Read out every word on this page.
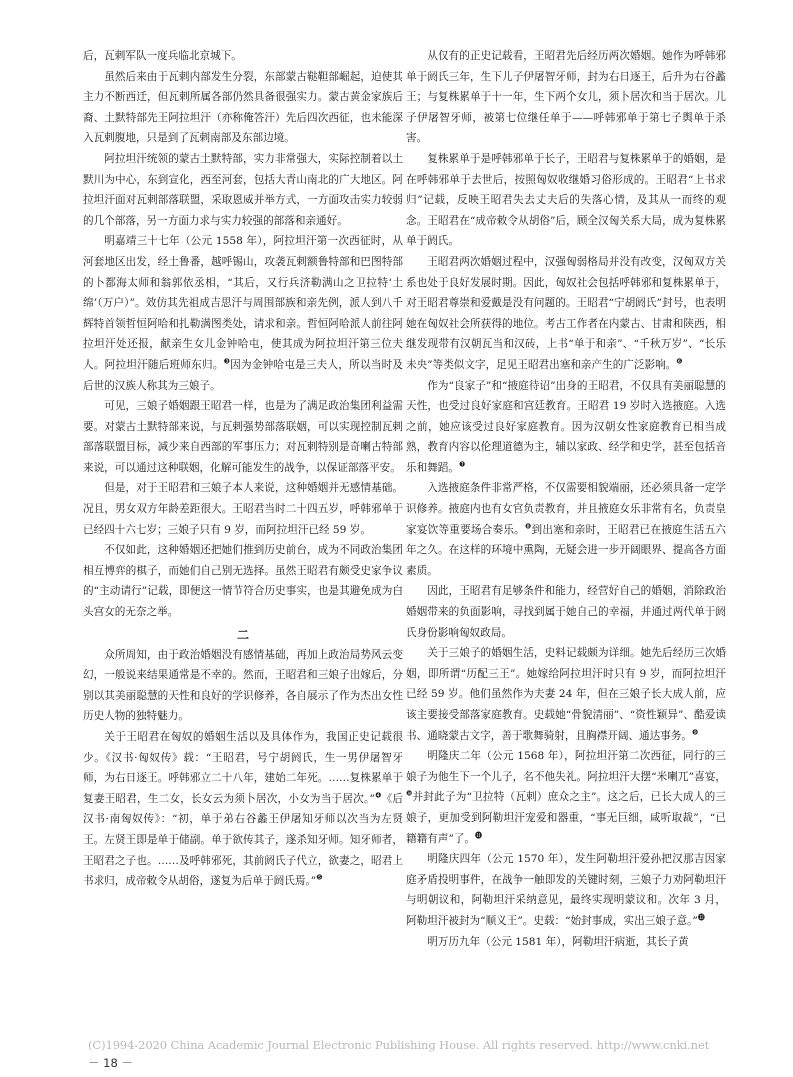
后，瓦剌军队一度兵临北京城下。

虽然后来由于瓦剌内部发生分裂，东部蒙古鞑靼部崛起，迫使其主力不断西迁，但瓦剌所属各部仍然具备很强实力。蒙古黄金家族后裔、土默特部先王阿拉坦汗（亦称俺答汗）先后四次西征，也未能深入瓦剌腹地，只是到了瓦剌南部及东部边境。

阿拉坦汗统领的蒙古土默特部，实力非常强大，实际控制着以土默川为中心，东到宣化，西至河套，包括大青山南北的广大地区。阿拉坦汗面对瓦剌部落联盟，采取恩威并举方式，一方面攻击实力较弱的几个部落，另一方面力求与实力较强的部落和亲通好。

明嘉靖三十七年（公元 1558 年），阿拉坦汗第一次西征时，从河套地区出发，经土鲁番，越呼锡山，攻袭瓦剌额鲁特部和巴图特部的卜都海太师和翁郭依丞相，“其后，又行兵济勒满山之卫拉特‘土绵’（万户）”。效仿其先祖成吉思汗与周围部族和亲先例，派人到八千辉特首领哲恒阿哈和扎勒满图类处，请求和亲。哲恒阿哈派人前往阿拉坦汗处还报，献亲生女儿金钟哈屯，使其成为阿拉坦汗第三位夫人。阿拉坦汗随后班师东归。$^❸$因为金钟哈屯是三夫人，所以当时及后世的汉族人称其为三娘子。

可见，三娘子婚姻跟王昭君一样，也是为了满足政治集团利益需要。对蒙古土默特部来说，与瓦剌强势部落联姻，可以实现控制瓦剌部落联盟目标，减少来自西部的军事压力；对瓦剌特别是奇喇古特部来说，可以通过这种联姻，化解可能发生的战争，以保证部落平安。

但是，对于王昭君和三娘子本人来说，这种婚姻并无感情基础。况且，男女双方年龄差距很大。王昭君当时二十四五岁，呼韩邪单于已经四十六七岁；三娘子只有 9 岁，而阿拉坦汗已经 59 岁。

不仅如此，这种婚姻还把她们推到历史前台，成为不同政治集团相互博弈的棋子，而她们自己别无选择。虽然王昭君有颇受史家争议的“主动请行”记载，即便这一情节符合历史事实，也是其避免成为白头宫女的无奈之举。

二

众所周知，由于政治婚姻没有感情基础，再加上政治局势风云变幻，一般说来结果通常是不幸的。然而，王昭君和三娘子出嫁后，分别以其美丽聪慧的天性和良好的学识修养，各自展示了作为杰出女性历史人物的独特魅力。

关于王昭君在匈奴的婚姻生活以及具体作为，我国正史记载很少。《汉书·匈奴传》载：“王昭君，号宁胡阏氏，生一男伊屠智牙师，为右日逐王。呼韩邪立二十八年，建始二年死。……复株累单于复妻王昭君，生二女，长女云为须卜居次，小女为当于居次。”$^❹$《后汉书·南匈奴传》：“初，单于弟右谷蠡王伊屠知牙师以次当为左贤王。左贤王即是单于储副。单于欲传其子，遂杀知牙师。知牙师者，王昭君之子也。……及呼韩邪死，其前阏氏子代立，欲妻之，昭君上书求归，成帝敕令从胡俗，遂复为后单于阏氏焉。”$^❺$

从仅有的正史记载看，王昭君先后经历两次婚姻。她作为呼韩邪单于阏氏三年，生下儿子伊屠智牙师，封为右日逐王，后升为右谷蠡王；与复株累单于十一年，生下两个女儿，须卜居次和当于居次。儿子伊屠智牙师，被第七位继任单于——呼韩邪单于第七子舆单于杀害。

复株累单于是呼韩邪单于长子，王昭君与复株累单于的婚姻，是在呼韩邪单于去世后，按照匈奴收继婚习俗形成的。王昭君“上书求归”记载，反映王昭君失去丈夫后的失落心情，及其从一而终的观念。王昭君在“成帝敕令从胡俗”后，顾全汉匈关系大局，成为复株累单于阏氏。

王昭君两次婚姻过程中，汉强匈弱格局并没有改变，汉匈双方关系也处于良好发展时期。因此，匈奴社会包括呼韩邪和复株累单于，对王昭君尊崇和爱戴是没有问题的。王昭君“宁胡阏氏”封号，也表明她在匈奴社会所获得的地位。考古工作者在内蒙古、甘肃和陕西，相继发现带有汉朝瓦当和汉砖，上书“单于和亲”、“千秋万岁”、“长乐未央”等类似文字，足见王昭君出塞和亲产生的广泛影响。$^❻$

作为“良家子”和“掖庭待诏”出身的王昭君，不仅具有美丽聪慧的天性，也受过良好家庭和宫廷教育。王昭君 19 岁时入选掖庭。入选之前，她应该受过良好家庭教育。因为汉朝女性家庭教育已相当成熟，教育内容以伦理道德为主，辅以家政、经学和史学，甚至包括音乐和舞蹈。$^❼$

入选掖庭条件非常严格，不仅需要相貌端丽，还必须具备一定学识修养。掖庭内也有女官负责教育，并且掖庭女乐非常有名，负责皇家宴饮等重要场合奏乐。$^❽$到出塞和亲时，王昭君已在掖庭生活五六年之久。在这样的环境中熏陶，无疑会进一步开阔眼界、提高各方面素质。

因此，王昭君有足够条件和能力，经营好自己的婚姻，消除政治婚姻带来的负面影响，寻找到属于她自己的幸福，并通过两代单于阏氏身份影响匈奴政局。

关于三娘子的婚姻生活，史料记载颇为详细。她先后经历三次婚姻，即所谓“历配三王”。她嫁给阿拉坦汗时只有 9 岁，而阿拉坦汗已经 59 岁。他们虽然作为夫妻 24 年，但在三娘子长大成人前，应该主要接受部落家庭教育。史载她“骨貌清丽”、“资性颖异”、酷爱读书、通晓蒙古文字，善于歌舞骑射，且胸襟开阔、通达事务。$^❾$

明隆庆二年（公元 1568 年），阿拉坦汗第二次西征，同行的三娘子为他生下一个儿子，名不他失礼。阿拉坦汗大摆“米喇兀”喜宴，$^❿$并封此子为“卫拉特（瓦剌）庶众之主”。这之后，已长大成人的三娘子，更加受到阿勒坦汗宠爱和器重，“事无巨细，咸听取裁”，“已籍籍有声”了。⓫

明隆庆四年（公元 1570 年），发生阿勒坦汗爱孙把汉那吉因家庭矛盾投明事件，在战争一触即发的关键时刻，三娘子力劝阿勒坦汗与明朝议和，阿勒坦汗采纳意见，最终实现明蒙议和。次年 3 月，阿勒坦汗被封为“顺义王”。史载：“始封事成，实出三娘子意。”⓬

明万历九年（公元 1581 年），阿勒坦汗病逝，其长子黄

(C)1994-2020 China Academic Journal Electronic Publishing House. All rights reserved. http://www.cnki.net
－ 18 －
